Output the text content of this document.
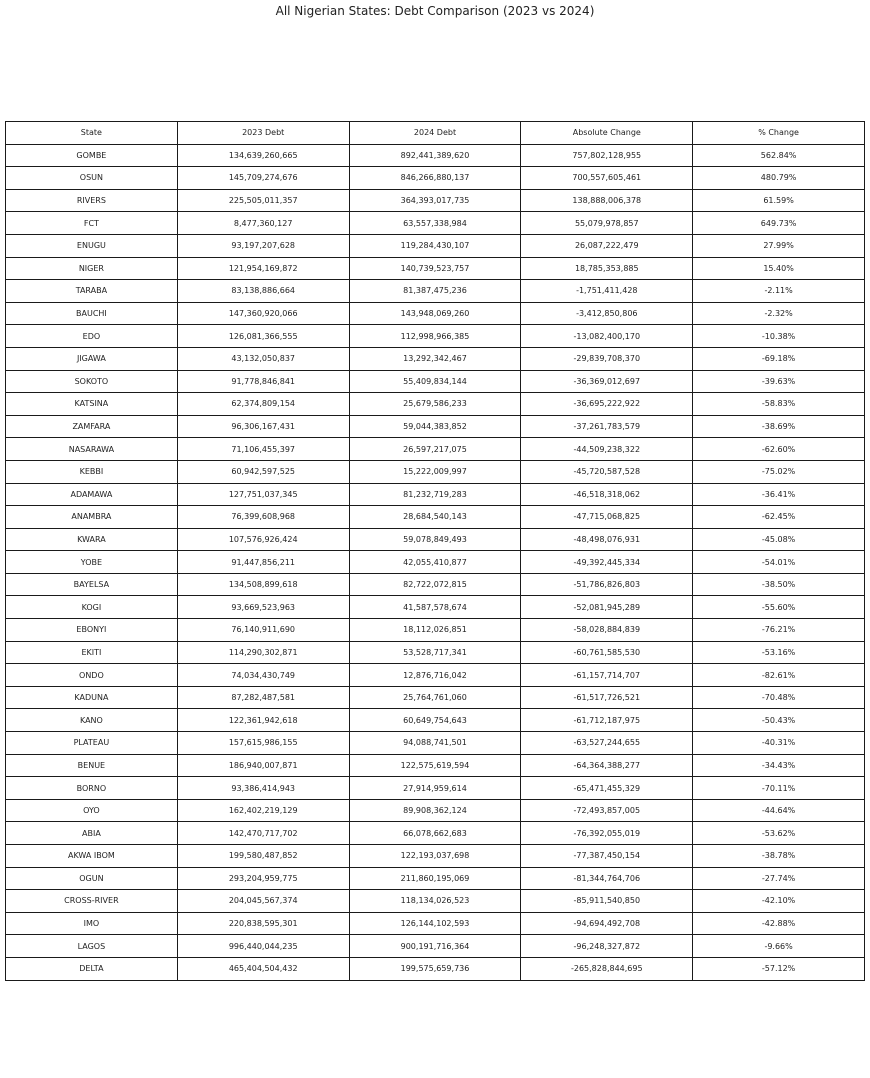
All Nigerian States: Debt Comparison (2023 vs 2024)
State	2023 Debt	2024 Debt	Absolute Change	% Change
GOMBE	134,639,260,665	892,441,389,620	757,802,128,955	562.84%
OSUN	145,709,274,676	846,266,880,137	700,557,605,461	480.79%
RIVERS	225,505,011,357	364,393,017,735	138,888,006,378	61.59%
FCT	8,477,360,127	63,557,338,984	55,079,978,857	649.73%
ENUGU	93,197,207,628	119,284,430,107	26,087,222,479	27.99%
NIGER	121,954,169,872	140,739,523,757	18,785,353,885	15.40%
TARABA	83,138,886,664	81,387,475,236	-1,751,411,428	-2.11%
BAUCHI	147,360,920,066	143,948,069,260	-3,412,850,806	-2.32%
EDO	126,081,366,555	112,998,966,385	-13,082,400,170	-10.38%
JIGAWA	43,132,050,837	13,292,342,467	-29,839,708,370	-69.18%
SOKOTO	91,778,846,841	55,409,834,144	-36,369,012,697	-39.63%
KATSINA	62,374,809,154	25,679,586,233	-36,695,222,922	-58.83%
ZAMFARA	96,306,167,431	59,044,383,852	-37,261,783,579	-38.69%
NASARAWA	71,106,455,397	26,597,217,075	-44,509,238,322	-62.60%
KEBBI	60,942,597,525	15,222,009,997	-45,720,587,528	-75.02%
ADAMAWA	127,751,037,345	81,232,719,283	-46,518,318,062	-36.41%
ANAMBRA	76,399,608,968	28,684,540,143	-47,715,068,825	-62.45%
KWARA	107,576,926,424	59,078,849,493	-48,498,076,931	-45.08%
YOBE	91,447,856,211	42,055,410,877	-49,392,445,334	-54.01%
BAYELSA	134,508,899,618	82,722,072,815	-51,786,826,803	-38.50%
KOGI	93,669,523,963	41,587,578,674	-52,081,945,289	-55.60%
EBONYI	76,140,911,690	18,112,026,851	-58,028,884,839	-76.21%
EKITI	114,290,302,871	53,528,717,341	-60,761,585,530	-53.16%
ONDO	74,034,430,749	12,876,716,042	-61,157,714,707	-82.61%
KADUNA	87,282,487,581	25,764,761,060	-61,517,726,521	-70.48%
KANO	122,361,942,618	60,649,754,643	-61,712,187,975	-50.43%
PLATEAU	157,615,986,155	94,088,741,501	-63,527,244,655	-40.31%
BENUE	186,940,007,871	122,575,619,594	-64,364,388,277	-34.43%
BORNO	93,386,414,943	27,914,959,614	-65,471,455,329	-70.11%
OYO	162,402,219,129	89,908,362,124	-72,493,857,005	-44.64%
ABIA	142,470,717,702	66,078,662,683	-76,392,055,019	-53.62%
AKWA IBOM	199,580,487,852	122,193,037,698	-77,387,450,154	-38.78%
OGUN	293,204,959,775	211,860,195,069	-81,344,764,706	-27.74%
CROSS-RIVER	204,045,567,374	118,134,026,523	-85,911,540,850	-42.10%
IMO	220,838,595,301	126,144,102,593	-94,694,492,708	-42.88%
LAGOS	996,440,044,235	900,191,716,364	-96,248,327,872	-9.66%
DELTA	465,404,504,432	199,575,659,736	-265,828,844,695	-57.12%
